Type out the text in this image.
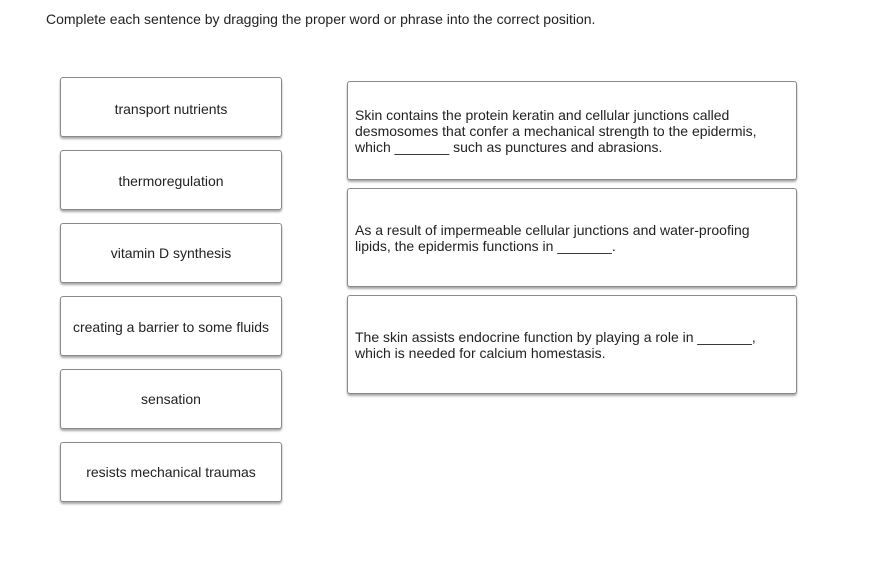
Complete each sentence by dragging the proper word or phrase into the correct position.
transport nutrients
thermoregulation
vitamin D synthesis
creating a barrier to some fluids
sensation
resists mechanical traumas
Skin contains the protein keratin and cellular junctions called desmosomes that confer a mechanical strength to the epidermis, which _______ such as punctures and abrasions.
As a result of impermeable cellular junctions and water-proofing lipids, the epidermis functions in _______.
The skin assists endocrine function by playing a role in _______, which is needed for calcium homestasis.
